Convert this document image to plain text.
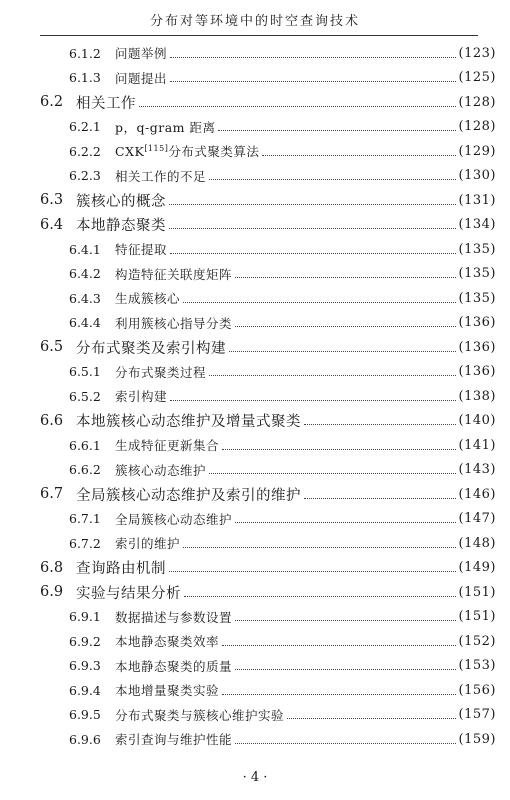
分布对等环境中的时空查询技术
6.1.2	问题举例	(123)
6.1.3	问题提出	(125)
6.2 相关工作	(128)
6.2.1	p，q-gram 距离	(128)
6.2.2	CXK[115]分布式聚类算法	(129)
6.2.3	相关工作的不足	(130)
6.3 簇核心的概念	(131)
6.4 本地静态聚类	(134)
6.4.1	特征提取	(135)
6.4.2	构造特征关联度矩阵	(135)
6.4.3	生成簇核心	(135)
6.4.4	利用簇核心指导分类	(136)
6.5 分布式聚类及索引构建	(136)
6.5.1	分布式聚类过程	(136)
6.5.2	索引构建	(138)
6.6 本地簇核心动态维护及增量式聚类	(140)
6.6.1	生成特征更新集合	(141)
6.6.2	簇核心动态维护	(143)
6.7 全局簇核心动态维护及索引的维护	(146)
6.7.1	全局簇核心动态维护	(147)
6.7.2	索引的维护	(148)
6.8 查询路由机制	(149)
6.9 实验与结果分析	(151)
6.9.1	数据描述与参数设置	(151)
6.9.2	本地静态聚类效率	(152)
6.9.3	本地静态聚类的质量	(153)
6.9.4	本地增量聚类实验	(156)
6.9.5	分布式聚类与簇核心维护实验	(157)
6.9.6	索引查询与维护性能	(159)
· 4 ·
